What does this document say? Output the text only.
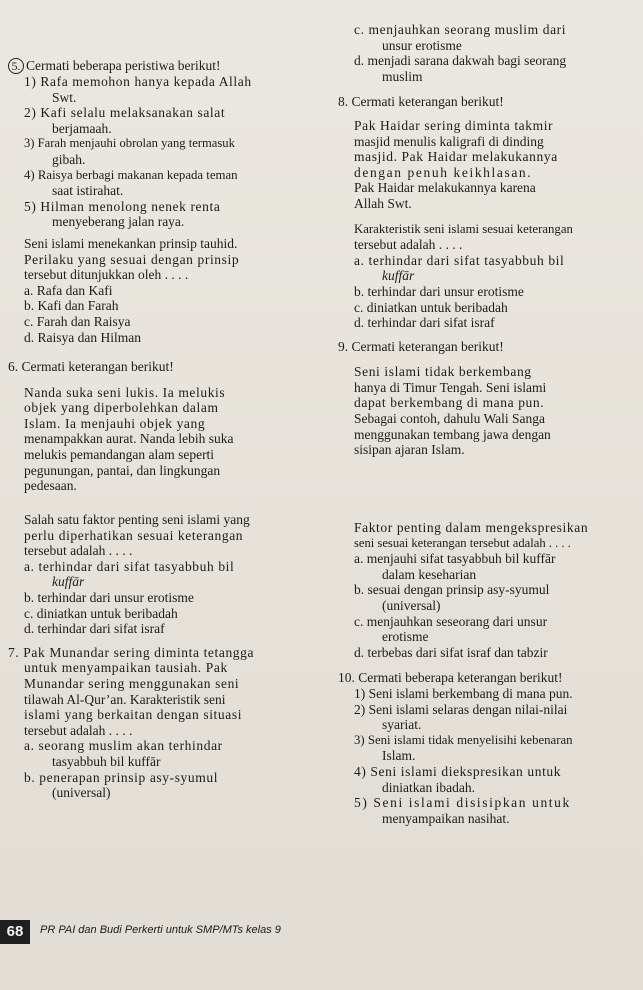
5. Cermati beberapa peristiwa berikut!
1) Rafa memohon hanya kepada Allah
Swt.
2) Kafi selalu melaksanakan salat
berjamaah.
3) Farah menjauhi obrolan yang termasuk
gibah.
4) Raisya berbagi makanan kepada teman
saat istirahat.
5) Hilman menolong nenek renta
menyeberang jalan raya.
Seni islami menekankan prinsip tauhid.
Perilaku yang sesuai dengan prinsip
tersebut ditunjukkan oleh . . . .
a. Rafa dan Kafi
b. Kafi dan Farah
c. Farah dan Raisya
d. Raisya dan Hilman
6. Cermati keterangan berikut!
Nanda suka seni lukis. Ia melukis
objek yang diperbolehkan dalam
Islam. Ia menjauhi objek yang
menampakkan aurat. Nanda lebih suka
melukis pemandangan alam seperti
pegunungan, pantai, dan lingkungan
pedesaan.
c. menjauhkan seorang muslim dari
unsur erotisme
d. menjadi sarana dakwah bagi seorang
muslim
8. Cermati keterangan berikut!
Pak Haidar sering diminta takmir
masjid menulis kaligrafi di dinding
masjid. Pak Haidar melakukannya
dengan penuh keikhlasan.
Pak Haidar melakukannya karena
Allah Swt.
Karakteristik seni islami sesuai keterangan
tersebut adalah . . . .
a. terhindar dari sifat tasyabbuh bil
kuffār
b. terhindar dari unsur erotisme
c. diniatkan untuk beribadah
d. terhindar dari sifat israf
9. Cermati keterangan berikut!
Seni islami tidak berkembang
hanya di Timur Tengah. Seni islami
dapat berkembang di mana pun.
Sebagai contoh, dahulu Wali Sanga
menggunakan tembang jawa dengan
sisipan ajaran Islam.
Salah satu faktor penting seni islami yang
perlu diperhatikan sesuai keterangan
tersebut adalah . . . .
a. terhindar dari sifat tasyabbuh bil
kuffār
b. terhindar dari unsur erotisme
c. diniatkan untuk beribadah
d. terhindar dari sifat israf
7. Pak Munandar sering diminta tetangga
untuk menyampaikan tausiah. Pak
Munandar sering menggunakan seni
tilawah Al-Qur’an. Karakteristik seni
islami yang berkaitan dengan situasi
tersebut adalah . . . .
a. seorang muslim akan terhindar
tasyabbuh bil kuffār
b. penerapan prinsip asy-syumul
(universal)
Faktor penting dalam mengekspresikan
seni sesuai keterangan tersebut adalah . . . .
a. menjauhi sifat tasyabbuh bil kuffār
dalam keseharian
b. sesuai dengan prinsip asy-syumul
(universal)
c. menjauhkan seseorang dari unsur
erotisme
d. terbebas dari sifat israf dan tabzir
10. Cermati beberapa keterangan berikut!
1) Seni islami berkembang di mana pun.
2) Seni islami selaras dengan nilai-nilai
syariat.
3) Seni islami tidak menyelisihi kebenaran
Islam.
4) Seni islami diekspresikan untuk
diniatkan ibadah.
5) Seni islami disisipkan untuk
menyampaikan nasihat.
68	PR PAI dan Budi Perkerti untuk SMP/MTs kelas 9
